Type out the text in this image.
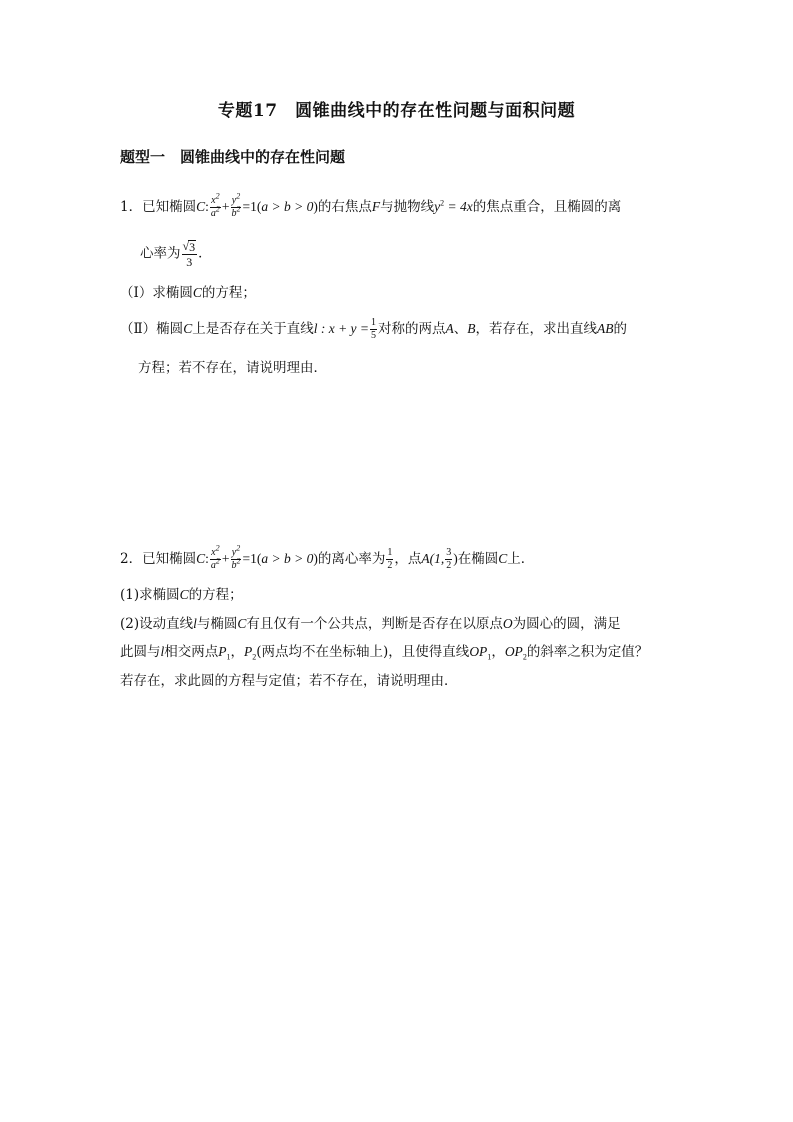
专题17　圆锥曲线中的存在性问题与面积问题
题型一　圆锥曲线中的存在性问题
1．已知椭圆C: $\frac{x^2}{a^2} + \frac{y^2}{b^2} =1(a > b > 0)$的右焦点F与抛物线$y^2 = 4x$的焦点重合，且椭圆的离
心率为 $\frac{√ 3}{3}$ ．
（Ⅰ）求椭圆C的方程；
（Ⅱ）椭圆C上是否存在关于直线l : $x + y = \frac{1}{5}$ 对称的两点A、B，若存在，求出直线AB的
方程；若不存在，请说明理由．
2．已知椭圆C: $\frac{x^2}{a^2} + \frac{y^2}{b^2} =1(a > b > 0)$的离心率为 $\frac{1}{2}$ ，点A(1, $\frac{3}{2}$ )在椭圆C上．
(1)求椭圆C的方程；
(2)设动直线l与椭圆C有且仅有一个公共点，判断是否存在以原点O为圆心的圆，满足
此圆与l相交两点$P_1$，$P_2$(两点均不在坐标轴上)，且使得直线$OP_1$，$OP_2$的斜率之积为定值？
若存在，求此圆的方程与定值；若不存在，请说明理由．
